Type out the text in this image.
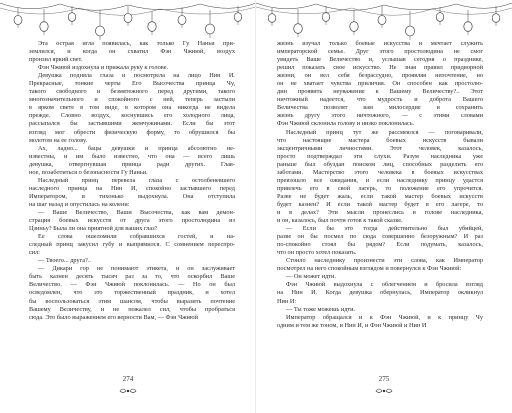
Эта острая игла появилась, как только Гу Наньи при-
землился, и когда он схватил Фэн Чжиюй, воздух
пронзил яркий свет.
Фэн Чжиюй издохнула и прижала руку к голове.
Девушка подняла глаза и посмотрела на лицо Нин И.
Прекрасные, тонкие черты Его Высочества принца Чу,
такого свободного и безмятежного перед другими, такого
многозначительного и спокойного с ней, теперь застыли
в ярком свете в том виде, в котором она никогда не видела
прежде. Словно воздух, коснувшись его холодного лица,
рассыпался бы застывшими жемчужинами. Если бы этот
взгляд мог обрести физическую форму, то обрушился бы
молотом на ее голову.
Ах, ладно... бацы девушки и принца абсолютно не-
известны, и им было известно, что она — всего лишь
девушка, отвергнувшая принца ради других. Глав-
ное, позаботиться о безопасности Гу Наньи.
Наследный принц перевела глаза с остолбеневшего
наследного принца на Нин И, спокойно застывшего перед
Императором, и тихонько выдохнула. Она отступила
на шаг назад и опустилась на колени:
— Ваше Величество, Ваши Высочества, как вам демон-
страция боевых искусств от друга этого простолюдина из
Цзиньу? Была ли она приятной для ваших глаз?
Ее слова ошеломили собравшихся гостей, и на-
следный принц закусил губу и выпрямился. С сомнением переспро-
сил:
— Твоего... друга?..
— Дикари гор не понимают этикета, и он заслуживает
быть казнен десять тысяч раз за то, что оскорбил Ваше
Величество. — Фэн Чжиюй поклонилась. — Но он был
осведомлен, что это торжественный праздник, и хотел
бы воспользоваться этим шансом, чтобы выразить почтение
Вашему Величеству, и не пожалел сил, чтобы пробраться
сюда. Это было выражением его верности Вам, — Фэн Чжиюй
274
жизнь изучал только боевые искусства и мечтает служить
императорской семье. Друг этого простолюдина не смог
увидеть Ваше Величество и, услышав сегодня о празднике,
решил показать свое искусство. Не зная правил придворной
жизни, он вел себя безрассудно, проявляя непочтение, но
он не хватает чувства приличия. Он способен как простолю-
дин проявить неуважение к Вашему Величеству?.. Этот
ничтожный надеется, что мудрость и доброта Вашего
Величества позволят вам милосердие и сохранить
жизнь другу этого ничтожного, — с этими словами
Фэн Чжиюй склонила голову и низко поклонилась.
Наследный принц тут же рассмеялся — поговаривали,
что настоящие мастера боевых искусств бывали
эксцентричными личностями. Этот человек, казалось,
просто подтверждал эти слухи. Разум наследника уже
раньше был обуздан поиском лиц, способных разделить его
заботами. Мастерство этого человека в боевых искусствах
превзошло все ожидания, и если наследнику принцу удастся
привлечь его в свой лагерь, то положение его упрочится.
Разве не будет жаль, если такой мастер боевых искусств
будет казнен? И если такой мастер будет в его лагере, то
и в делах? Эти мысли пронеслись в голове наследника,
и он, казалось, был почти готов к такой сказке.
— Если бы это тогда действительно был убийцей,
разве он бы посмел по сюда совершенно безоружным? И раз
по-спокойно стоял бы рядом? Если подумать, казалось,
что он просто хотел показать.
Стоило наследнику произнести эти слова, как Император
посмотрел на него спокойным взглядом и повернулся к Фэн Чжиюй:
— Он может идти.
Фэн Чжиюй выдохнула с облегчением и бросила взгляд
на Нин И. Когда девушка обернулась, Император окликнул
Нин И:
— Ты тоже можешь идти.
Император обращался и к Фэн Чжиюй, и к принцу Чу
одним и тем же тоном, и Нин И, и Фэн Чжиюй и Нин И
275
